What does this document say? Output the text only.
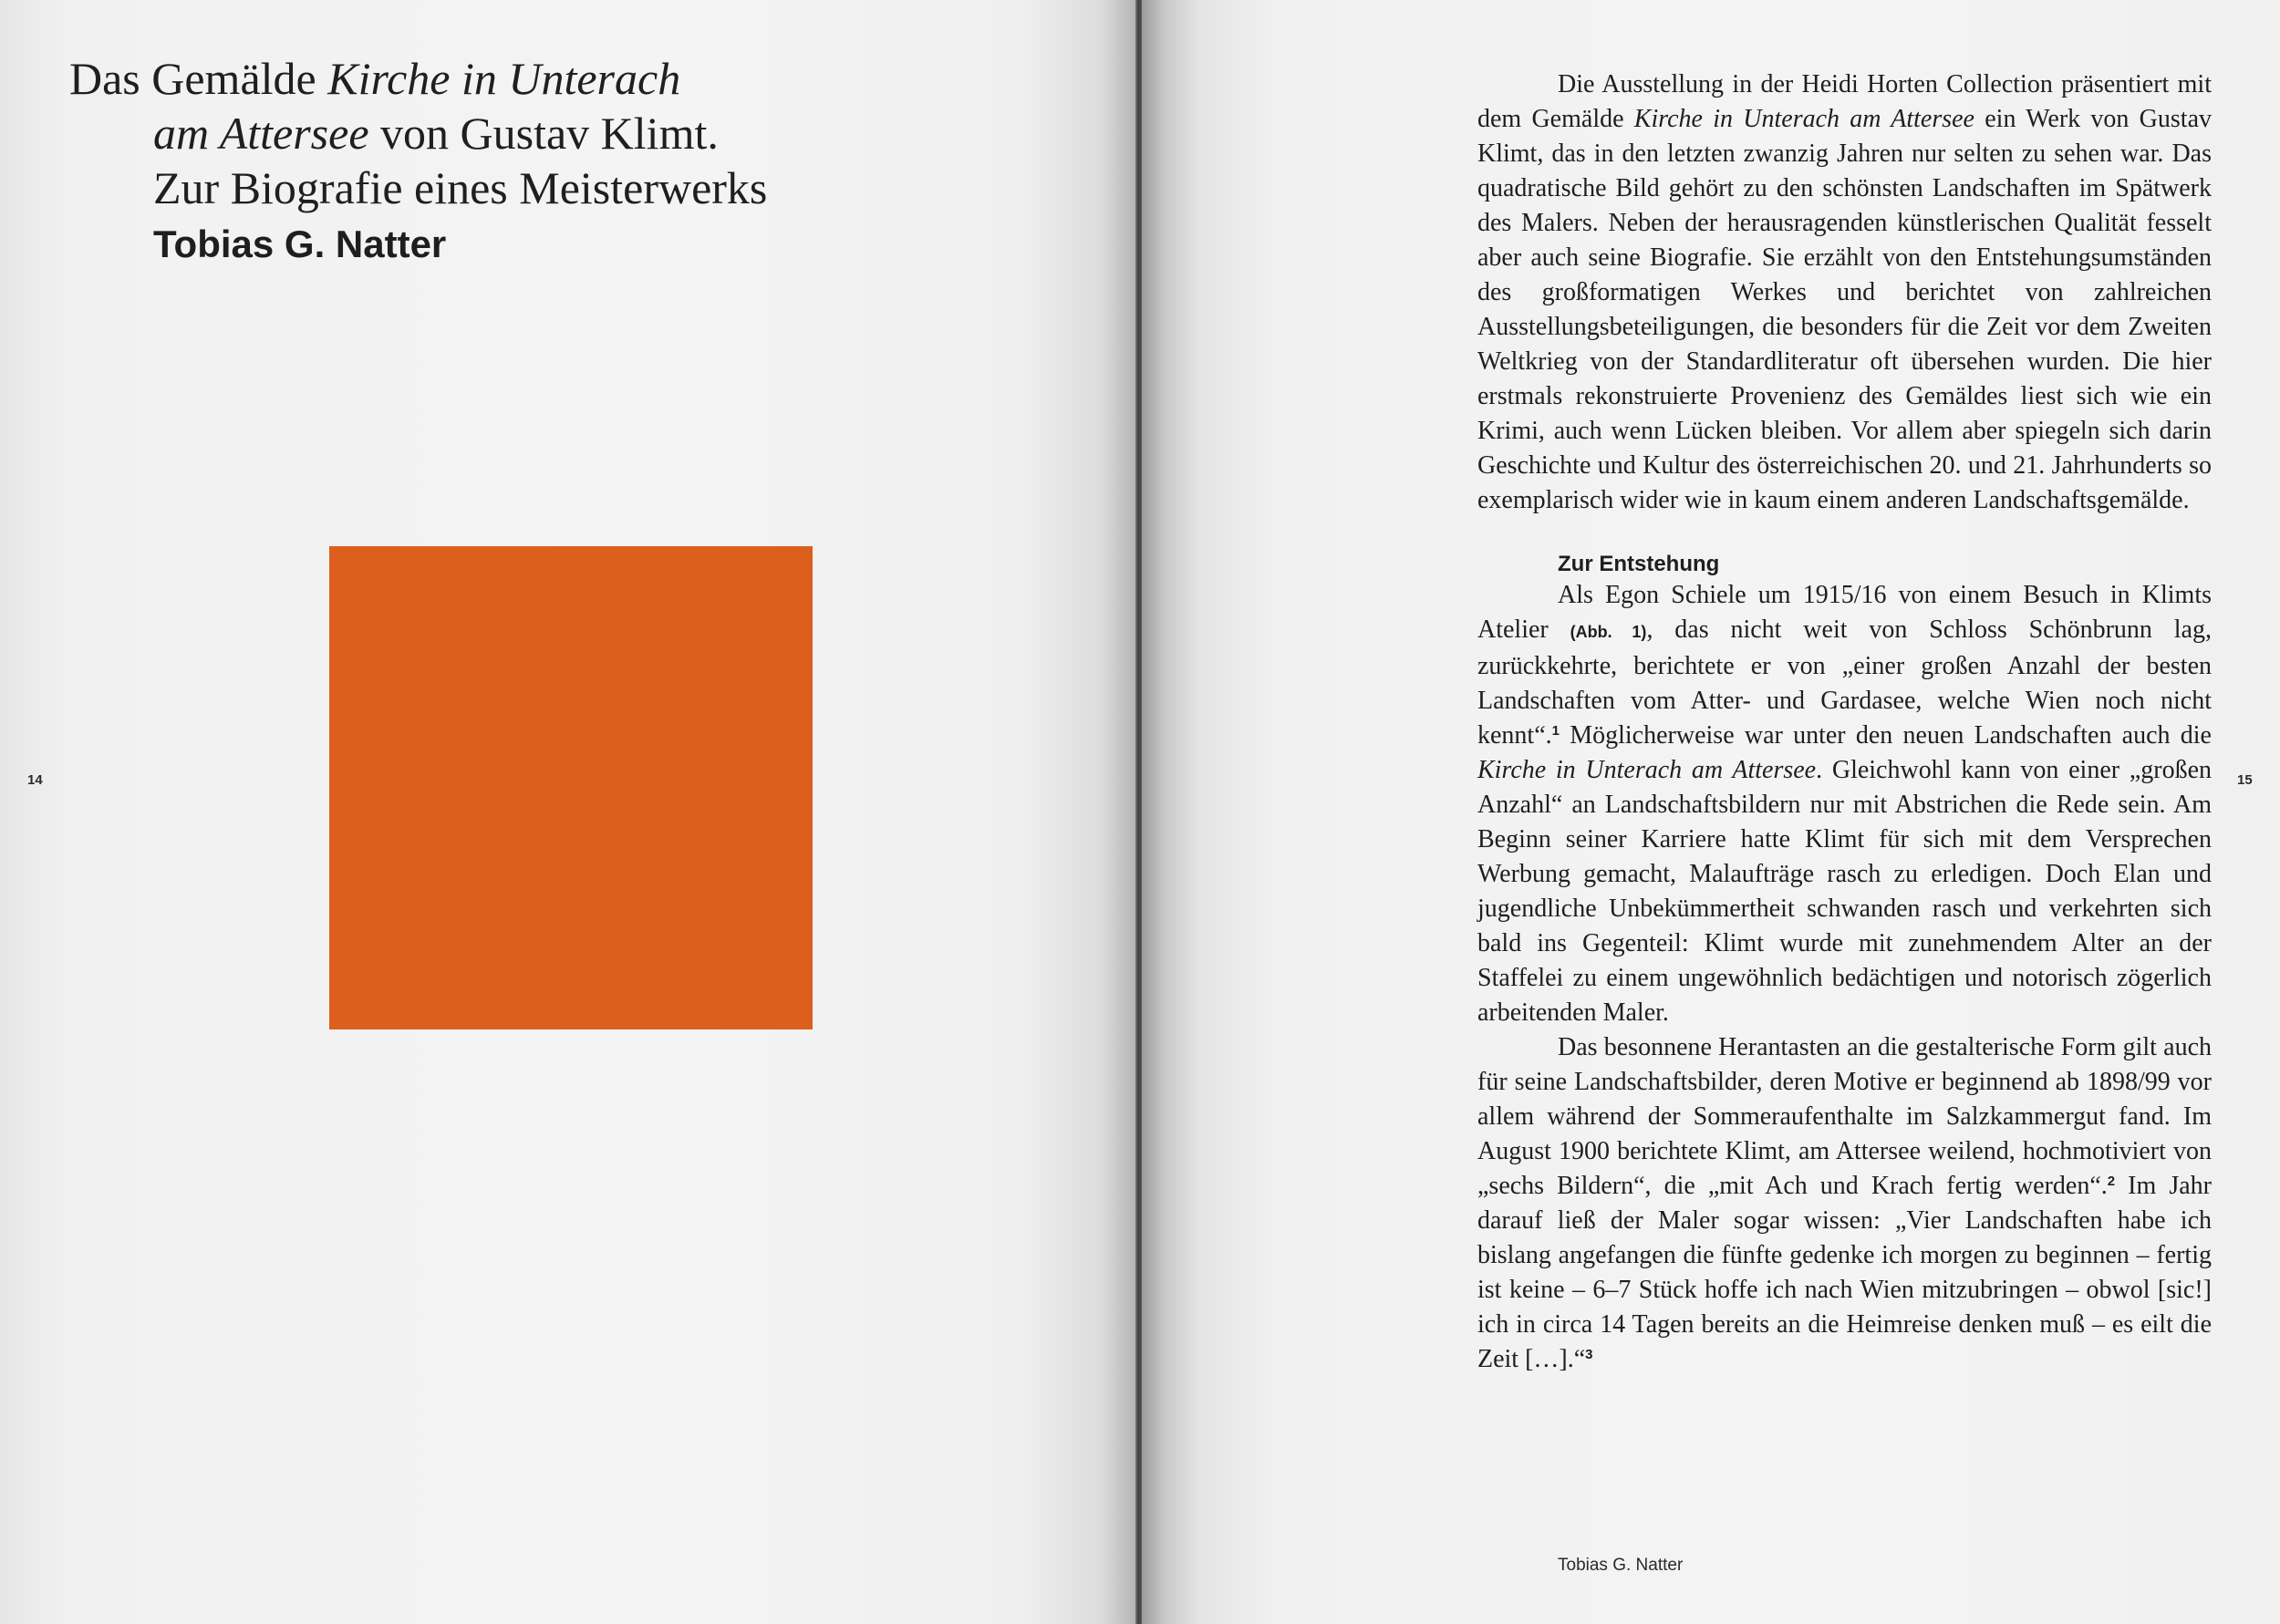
Das Gemälde Kirche in Unterach
am Attersee von Gustav Klimt.
Zur Biografie eines Meisterwerks
Tobias G. Natter
14

Die Ausstellung in der Heidi Horten Collection präsentiert mit dem Gemälde Kirche in Unterach am Attersee ein Werk von Gustav Klimt, das in den letzten zwanzig Jahren nur selten zu sehen war. Das quadratische Bild gehört zu den schönsten Landschaften im Spätwerk des Malers. Neben der herausragenden künstlerischen Qualität fesselt aber auch seine Biografie. Sie erzählt von den Entstehungsumständen des großformatigen Werkes und berichtet von zahlreichen Ausstellungsbeteiligungen, die besonders für die Zeit vor dem Zweiten Weltkrieg von der Standardliteratur oft übersehen wurden. Die hier erstmals rekonstruierte Provenienz des Gemäldes liest sich wie ein Krimi, auch wenn Lücken bleiben. Vor allem aber spiegeln sich darin Geschichte und Kultur des österreichischen 20. und 21. Jahrhunderts so exemplarisch wider wie in kaum einem anderen Landschaftsgemälde.

Zur Entstehung

Als Egon Schiele um 1915/16 von einem Besuch in Klimts Atelier (Abb. 1), das nicht weit von Schloss Schönbrunn lag, zurückkehrte, berichtete er von „einer großen Anzahl der besten Landschaften vom Atter- und Gardasee, welche Wien noch nicht kennt“.$^1$ Möglicherweise war unter den neuen Landschaften auch die Kirche in Unterach am Attersee. Gleichwohl kann von einer „großen Anzahl“ an Landschaftsbildern nur mit Abstrichen die Rede sein. Am Beginn seiner Karriere hatte Klimt für sich mit dem Versprechen Werbung gemacht, Malaufträge rasch zu erledigen. Doch Elan und jugendliche Unbekümmertheit schwanden rasch und verkehrten sich bald ins Gegenteil: Klimt wurde mit zunehmendem Alter an der Staffelei zu einem ungewöhnlich bedächtigen und notorisch zögerlich arbeitenden Maler.

Das besonnene Herantasten an die gestalterische Form gilt auch für seine Landschaftsbilder, deren Motive er beginnend ab 1898/99 vor allem während der Sommeraufenthalte im Salzkammergut fand. Im August 1900 berichtete Klimt, am Attersee weilend, hochmotiviert von „sechs Bildern“, die „mit Ach und Krach fertig werden“.$^2$ Im Jahr darauf ließ der Maler sogar wissen: „Vier Landschaften habe ich bislang angefangen die fünfte gedenke ich morgen zu beginnen – fertig ist keine – 6–7 Stück hoffe ich nach Wien mitzubringen – obwol [sic!] ich in circa 14 Tagen bereits an die Heimreise denken muß – es eilt die Zeit […].“$^3$

15
Tobias G. Natter
